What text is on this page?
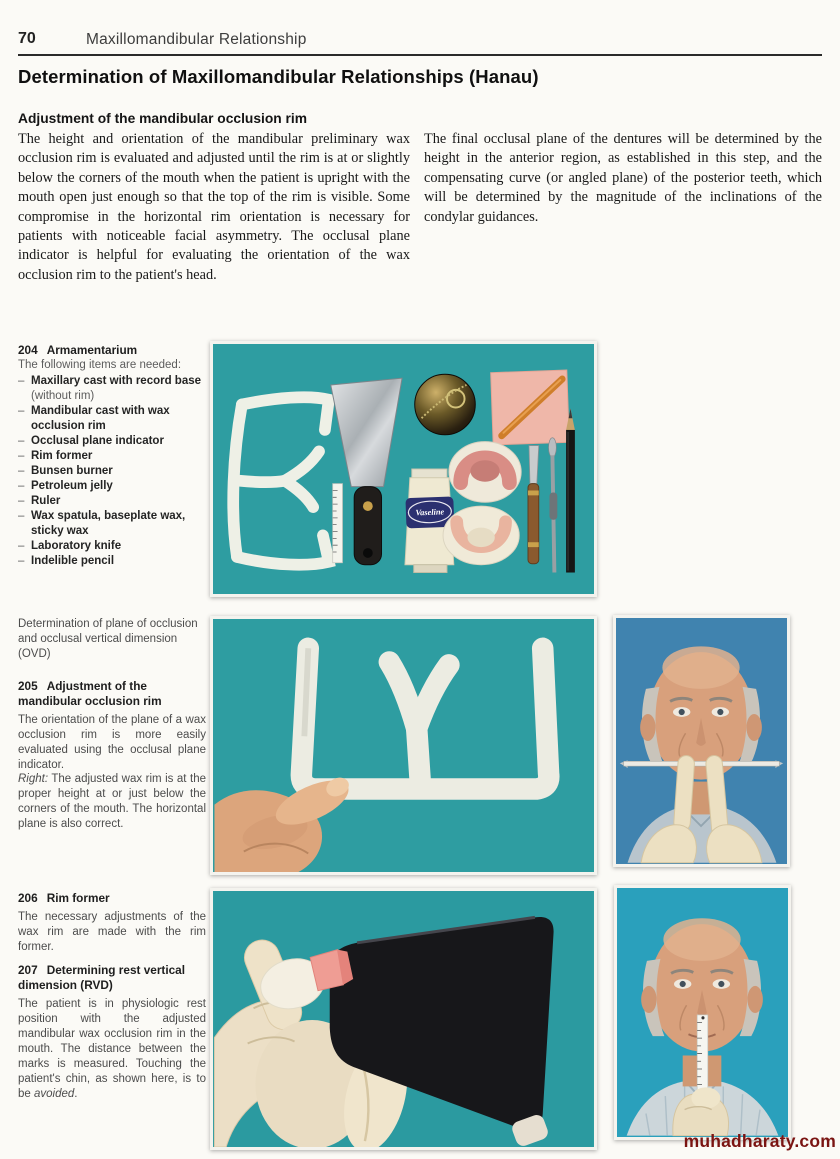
70	Maxillomandibular Relationship
Determination of Maxillomandibular Relationships (Hanau)
Adjustment of the mandibular occlusion rim
The height and orientation of the mandibular preliminary wax occlusion rim is evaluated and adjusted until the rim is at or slightly below the corners of the mouth when the patient is upright with the mouth open just enough so that the top of the rim is visible. Some compromise in the horizontal rim orientation is necessary for patients with noticeable facial asymmetry. The occlusal plane indicator is helpful for evaluating the orientation of the wax occlusion rim to the patient's head.
The final occlusal plane of the dentures will be determined by the height in the anterior region, as established in this step, and the compensating curve (or angled plane) of the posterior teeth, which will be determined by the magnitude of the inclinations of the condylar guidances.

204 Armamentarium

The following items are needed:

– Maxillary cast with record base (without rim)
– Mandibular cast with wax occlusion rim
– Occlusal plane indicator
– Rim former
– Bunsen burner
– Petroleum jelly
– Ruler
– Wax spatula, baseplate wax, sticky wax
– Laboratory knife
– Indelible pencil
Determination of plane of occlusion and occlusal vertical dimension (OVD)

205 Adjustment of the mandibular occlusion rim

The orientation of the plane of a wax occlusion rim is more easily evaluated using the occlusal plane indicator.

Right: The adjusted wax rim is at the proper height at or just below the corners of the mouth. The horizontal plane is also correct.

206 Rim former

The necessary adjustments of the wax rim are made with the rim former.

207 Determining rest vertical dimension (RVD)

The patient is in physiologic rest position with the adjusted mandibular wax occlusion rim in the mouth. The distance between the marks is measured. Touching the patient's chin, as shown here, is to be avoided.

Vaseline
muhadharaty.com
